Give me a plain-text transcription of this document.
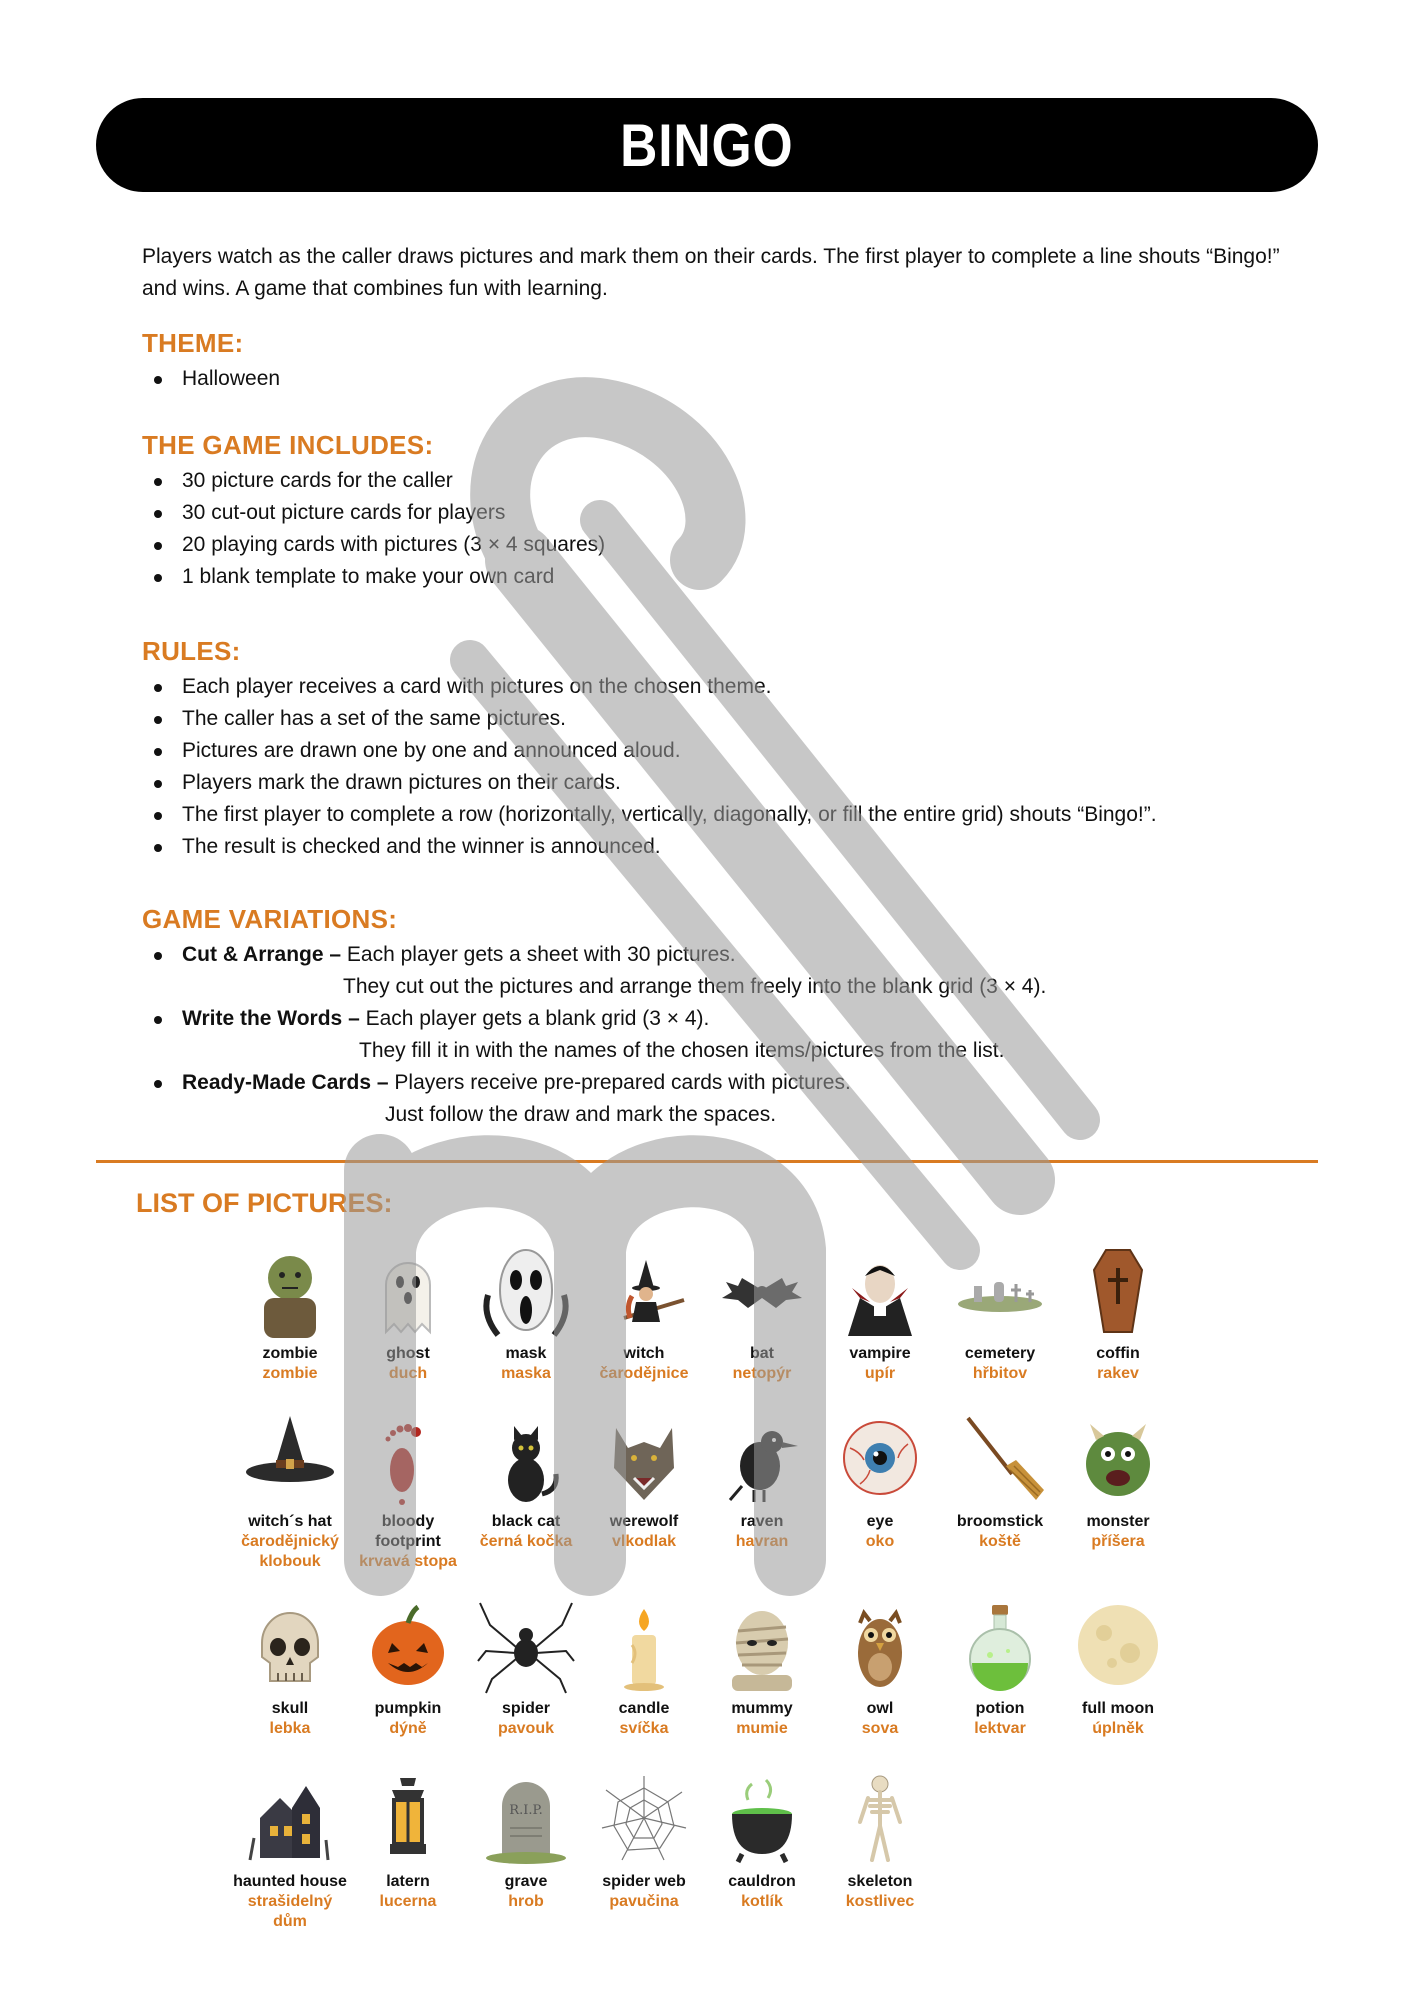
BINGO

Players watch as the caller draws pictures and mark them on their cards. The first player to complete a line shouts “Bingo!” and wins. A game that combines fun with learning.

THEME:
Halloween
THE GAME INCLUDES:
30 picture cards for the caller
30 cut-out picture cards for players
20 playing cards with pictures (3 × 4 squares)
1 blank template to make your own card
RULES:
Each player receives a card with pictures on the chosen theme.
The caller has a set of the same pictures.
Pictures are drawn one by one and announced aloud.
Players mark the drawn pictures on their cards.
The first player to complete a row (horizontally, vertically, diagonally, or fill the entire grid) shouts “Bingo!”.
The result is checked and the winner is announced.
GAME VARIATIONS:
Cut & Arrange – Each player gets a sheet with 30 pictures.
They cut out the pictures and arrange them freely into the blank grid (3 × 4).
Write the Words – Each player gets a blank grid (3 × 4).
They fill it in with the names of the chosen items/pictures from the list.
Ready-Made Cards – Players receive pre-prepared cards with pictures.
Just follow the draw and mark the spaces.
LIST OF PICTURES:
zombie
zombie
ghost
duch
mask
maska
witch
čarodějnice
bat
netopýr
vampire
upír
cemetery
hřbitov
coffin
rakev
witch´s hat
čarodějnický klobouk
bloody footprint
krvavá stopa
black cat
černá kočka
werewolf
vlkodlak
raven
havran
eye
oko
broomstick
koště
monster
příšera
skull
lebka
pumpkin
dýně
spider
pavouk
candle
svíčka
mummy
mumie
owl
sova
potion
lektvar
full moon
úplněk
haunted house
strašidelný dům
latern
lucerna
R.I.P.
grave
hrob
spider web
pavučina
cauldron
kotlík
skeleton
kostlivec
